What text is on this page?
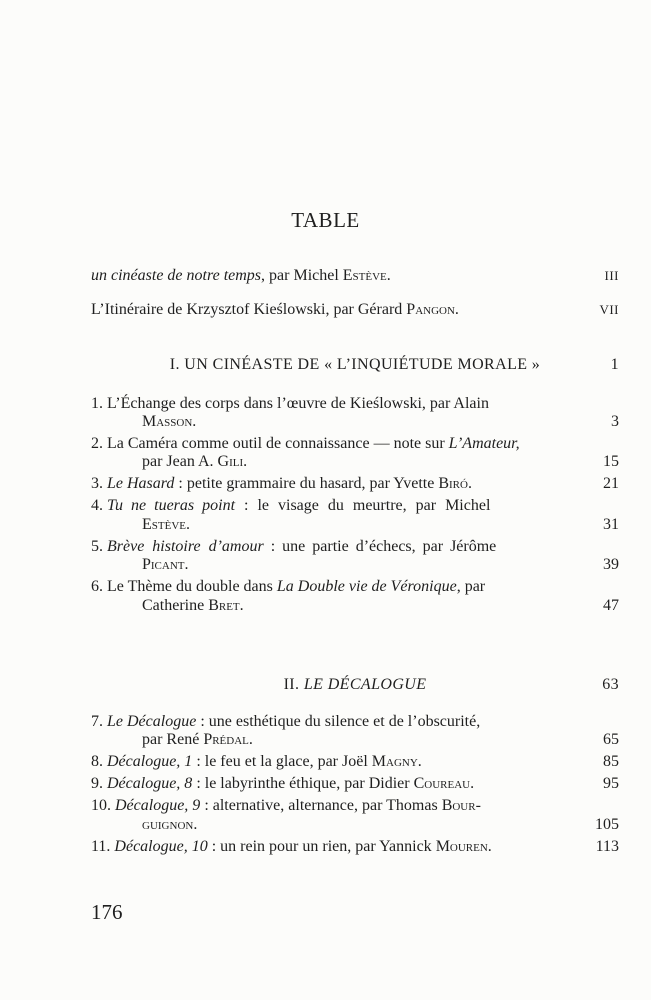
TABLE
un cinéaste de notre temps, par Michel Estève.	III
L’Itinéraire de Krzysztof Kieślowski, par Gérard Pangon.	VII
I. UN CINÉASTE DE « L’INQUIÉTUDE MORALE »	1
1. L’Échange des corps dans l’œuvre de Kieślowski, par Alain
Masson.	3
2. La Caméra comme outil de connaissance — note sur L’Amateur,
par Jean A. Gili.	15
3. Le Hasard : petite grammaire du hasard, par Yvette Biró.	21
4. Tu ne tueras point : le visage du meurtre, par Michel
Estève.	31
5. Brève histoire d’amour : une partie d’échecs, par Jérôme
Picant.	39
6. Le Thème du double dans La Double vie de Véronique, par
Catherine Bret.	47
II. LE DÉCALOGUE	63
7. Le Décalogue : une esthétique du silence et de l’obscurité,
par René Prédal.	65
8. Décalogue, 1 : le feu et la glace, par Joël Magny.	85
9. Décalogue, 8 : le labyrinthe éthique, par Didier Coureau.	95
10. Décalogue, 9 : alternative, alternance, par Thomas Bour-
guignon.	105
11. Décalogue, 10 : un rein pour un rien, par Yannick Mouren.	113
176
